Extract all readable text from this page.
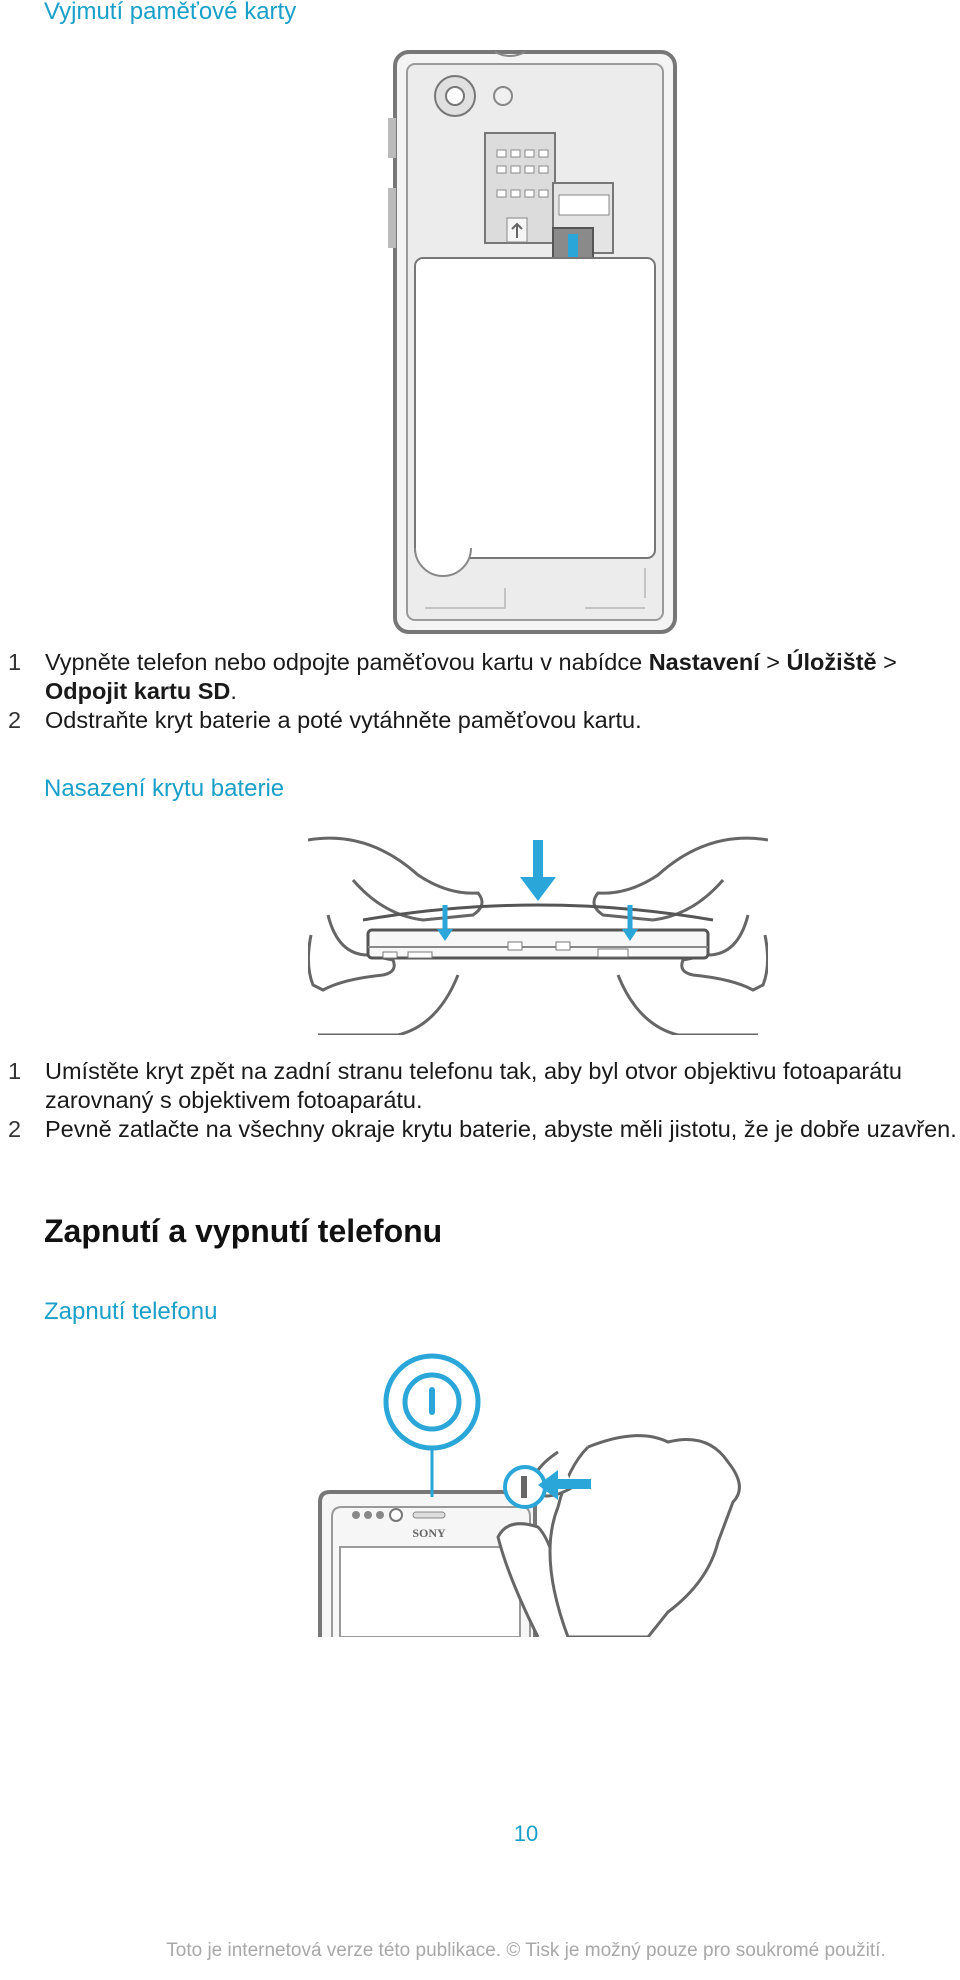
Vyjmutí paměťové karty
1 Vypněte telefon nebo odpojte paměťovou kartu v nabídce Nastavení > Úložiště > Odpojit kartu SD.
2 Odstraňte kryt baterie a poté vytáhněte paměťovou kartu.
Nasazení krytu baterie
1 Umístěte kryt zpět na zadní stranu telefonu tak, aby byl otvor objektivu fotoaparátu zarovnaný s objektivem fotoaparátu.
2 Pevně zatlačte na všechny okraje krytu baterie, abyste měli jistotu, že je dobře uzavřen.
Zapnutí a vypnutí telefonu
Zapnutí telefonu
SONY
10
Toto je internetová verze této publikace. © Tisk je možný pouze pro soukromé použití.
